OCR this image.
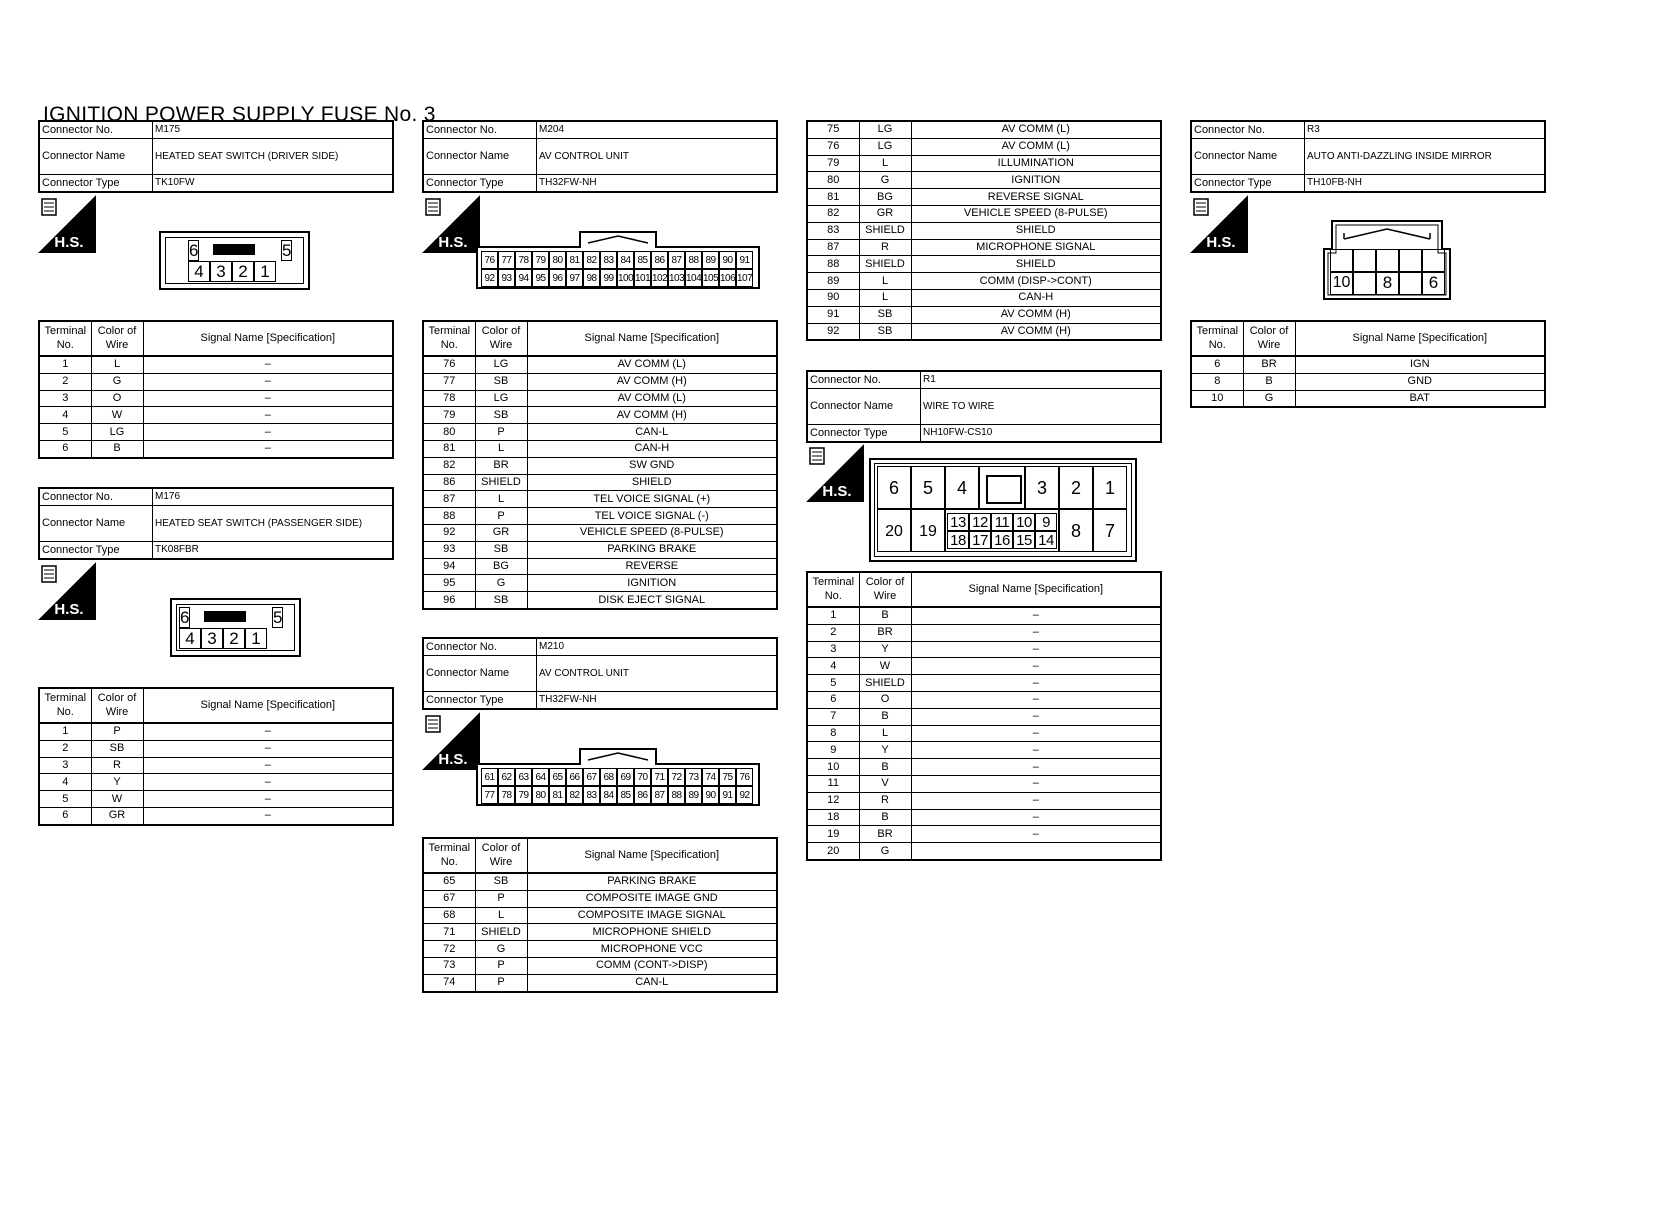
IGNITION POWER SUPPLY FUSE No. 3
Connector No.	M175
Connector Name	HEATED SEAT SWITCH (DRIVER SIDE)
Connector Type	TK10FW
H.S.	6	5
4 3 2 1
Terminal No.	Color of Wire	Signal Name [Specification]
1	L	–
2	G	–
3	O	–
4	W	–
5	LG	–
6	B	–
Connector No.	M176
Connector Name	HEATED SEAT SWITCH (PASSENGER SIDE)
Connector Type	TK08FBR
H.S.	6	5
4 3 2 1
Terminal No.	Color of Wire	Signal Name [Specification]
1	P	–
2	SB	–
3	R	–
4	Y	–
5	W	–
6	GR	–
Connector No.	M204
Connector Name	AV CONTROL UNIT
Connector Type	TH32FW-NH
H.S.
76 77 78 79 80 81 82 83 84 85 86 87 88 89 90 91
92 93 94 95 96 97 98 99 100 101 102 103 104 105 106 107
Terminal No.	Color of Wire	Signal Name [Specification]
76	LG	AV COMM (L)
77	SB	AV COMM (H)
78	LG	AV COMM (L)
79	SB	AV COMM (H)
80	P	CAN-L
81	L	CAN-H
82	BR	SW GND
86	SHIELD	SHIELD
87	L	TEL VOICE SIGNAL (+)
88	P	TEL VOICE SIGNAL (-)
92	GR	VEHICLE SPEED (8-PULSE)
93	SB	PARKING BRAKE
94	BG	REVERSE
95	G	IGNITION
96	SB	DISK EJECT SIGNAL
Connector No.	M210
Connector Name	AV CONTROL UNIT
Connector Type	TH32FW-NH
H.S.
61 62 63 64 65 66 67 68 69 70 71 72 73 74 75 76
77 78 79 80 81 82 83 84 85 86 87 88 89 90 91 92
Terminal No.	Color of Wire	Signal Name [Specification]
65	SB	PARKING BRAKE
67	P	COMPOSITE IMAGE GND
68	L	COMPOSITE IMAGE SIGNAL
71	SHIELD	MICROPHONE SHIELD
72	G	MICROPHONE VCC
73	P	COMM (CONT->DISP)
74	P	CAN-L
75	LG	AV COMM (L)
76	LG	AV COMM (L)
79	L	ILLUMINATION
80	G	IGNITION
81	BG	REVERSE SIGNAL
82	GR	VEHICLE SPEED (8-PULSE)
83	SHIELD	SHIELD
87	R	MICROPHONE SIGNAL
88	SHIELD	SHIELD
89	L	COMM (DISP->CONT)
90	L	CAN-H
91	SB	AV COMM (H)
92	SB	AV COMM (H)
Connector No.	R1
Connector Name	WIRE TO WIRE
Connector Type	NH10FW-CS10
H.S.	6	5	4	3	2	1
20	19
13 12 11 10 9
18 17 16 15 14 8	7
Terminal No.	Color of Wire	Signal Name [Specification]
1	B	–
2	BR	–
3	Y	–
4	W	–
5	SHIELD	–
6	O	–
7	B	–
8	L	–
9	Y	–
10	B	–
11	V	–
12	R	–
18	B	–
19	BR	–
20	G	
Connector No.	R3
Connector Name	AUTO ANTI-DAZZLING INSIDE MIRROR
Connector Type	TH10FB-NH
H.S.
10	8	6
Terminal No.	Color of Wire	Signal Name [Specification]
6	BR	IGN
8	B	GND
10	G	BAT
